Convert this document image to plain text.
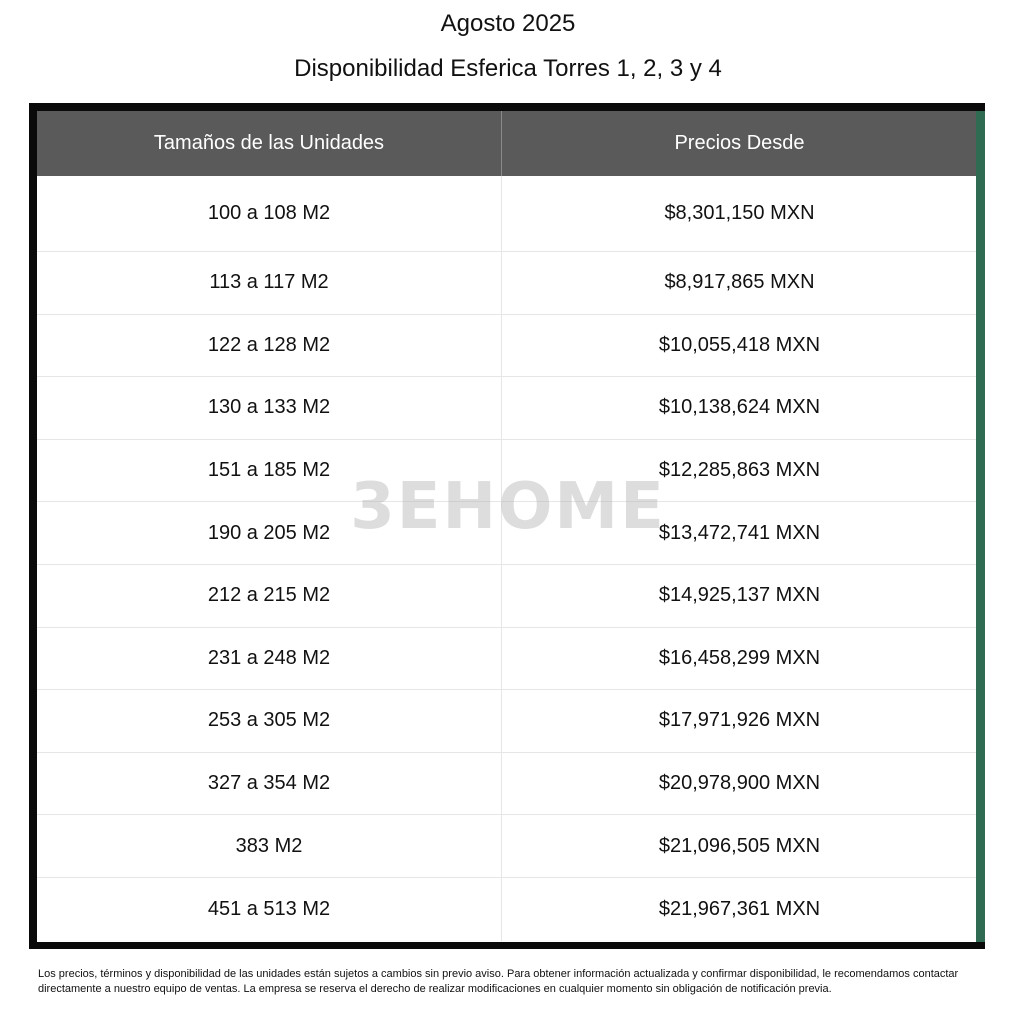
Agosto 2025
Disponibilidad Esferica Torres 1, 2, 3 y 4
Tamaños de las Unidades	Precios Desde
100 a 108 M2	$8,301,150 MXN
113 a 117 M2	$8,917,865 MXN
122 a 128 M2	$10,055,418 MXN
130 a 133 M2	$10,138,624 MXN
151 a 185 M2	$12,285,863 MXN
190 a 205 M2	$13,472,741 MXN
212 a 215 M2	$14,925,137 MXN
231 a 248 M2	$16,458,299 MXN
253 a 305 M2	$17,971,926 MXN
327 a 354 M2	$20,978,900 MXN
383 M2	$21,096,505 MXN
451 a 513 M2	$21,967,361 MXN
3EHOME
Los precios, términos y disponibilidad de las unidades están sujetos a cambios sin previo aviso. Para obtener información actualizada y confirmar disponibilidad, le recomendamos contactar directamente a nuestro equipo de ventas. La empresa se reserva el derecho de realizar modificaciones en cualquier momento sin obligación de notificación previa.
